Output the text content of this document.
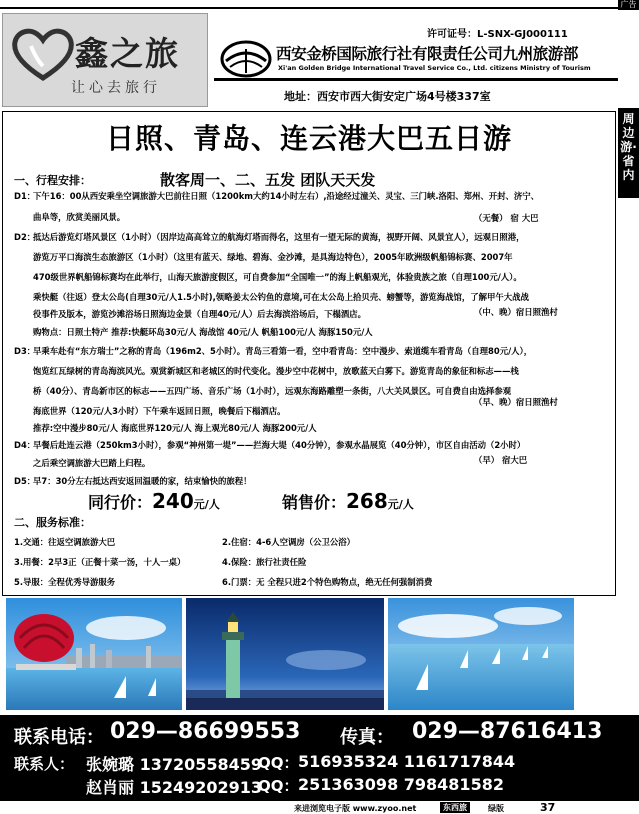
广告
鑫之旅
让心去旅行
许可证号：L-SNX-GJ000111
西安金桥国际旅行社有限责任公司九州旅游部
Xi'an Golden Bridge International Travel Service Co., Ltd. citizens Ministry of Tourism
地址：西安市西大街安定广场4号楼337室
周边游·省内
日照、青岛、连云港大巴五日游
一、行程安排：	散客周一、二、五发 团队天天发
D1：下午16：00从西安乘坐空调旅游大巴前往日照（1200km大约14小时左右）,沿途经过潼关、灵宝、三门峡.洛阳、郑州、开封、济宁、
曲阜等，欣赏美丽风景。
D2：抵达后游览灯塔风景区（1小时）（因岸边高高耸立的航海灯塔而得名，这里有一望无际的黄海，视野开阔、风景宜人），远观日照港，
游览万平口海滨生态旅游区（1小时）（这里有蓝天、绿地、碧海、金沙滩，是具海边特色），2005年欧洲级帆船锦标赛、2007年
470级世界帆船锦标赛均在此举行，山海天旅游度假区，可自费参加“全国唯一”的海上帆船观光，体验贵族之旅（自理100元/人）。
乘快艇（往返）登太公岛(自理30元/人1.5小时),领略姜太公钓鱼的意境,可在太公岛上拾贝壳、螃蟹等，游览海战馆，了解甲午大战战
役事件及版本，游览沙滩浴场日照海边金景（自理40元/人）后去海滨浴场后，下榻酒店。
购物点：日照土特产 推荐:快艇环岛30元/人 海战馆 40元/人 帆船100元/人 海豚150元/人
D3：早乘车赴有“东方瑞士”之称的青岛（196m2、5小时）。青岛三看第一看，空中看青岛：空中漫步、索道缆车看青岛（自理80元/人），
饱览红瓦绿树的青岛海滨风光。观赏新城区和老城区的时代变化。漫步空中花树中，放歌蓝天白雾下。游览青岛的象征和标志——栈
桥（40分）、青岛新市区的标志——五四广场、音乐广场（1小时），远观东海路雕塑一条街，八大关风景区。可自费自由选择参观
海底世界（120元/人3小时）下午乘车返回日照，晚餐后下榻酒店。
推荐:空中漫步80元/人 海底世界120元/人 海上观光80元/人 海豚200元/人
D4：早餐后赴连云港（250km3小时），参观“神州第一堤”——拦海大堤（40分钟），参观水晶展览（40分钟），市区自由活动（2小时）
之后乘空调旅游大巴踏上归程。
D5：早7：30分左右抵达西安返回温暖的家，结束愉快的旅程！
（无餐） 宿 大巴
（中、晚）宿日照渔村
（早、晚）宿日照渔村
（早） 宿大巴
同行价：240元/人	销售价：268元/人
二、服务标准：
1.交通：往返空调旅游大巴	2.住宿：4-6人空调房（公卫公浴）
3.用餐：2早3正（正餐十菜一汤，十人一桌）	4.保险：旅行社责任险
5.导服：全程优秀导游服务	6.门票：无 全程只进2个特色购物点，绝无任何强制消费
联系电话： 029—86699553 传真： 029—87616413
联系人： 张婉璐 13720558459
QQ： 516935324 1161717844
赵肖丽 15249202913
QQ： 251363098 798481582
来进浏览电子版 www.zyoo.net	东西旅	绿版	37
